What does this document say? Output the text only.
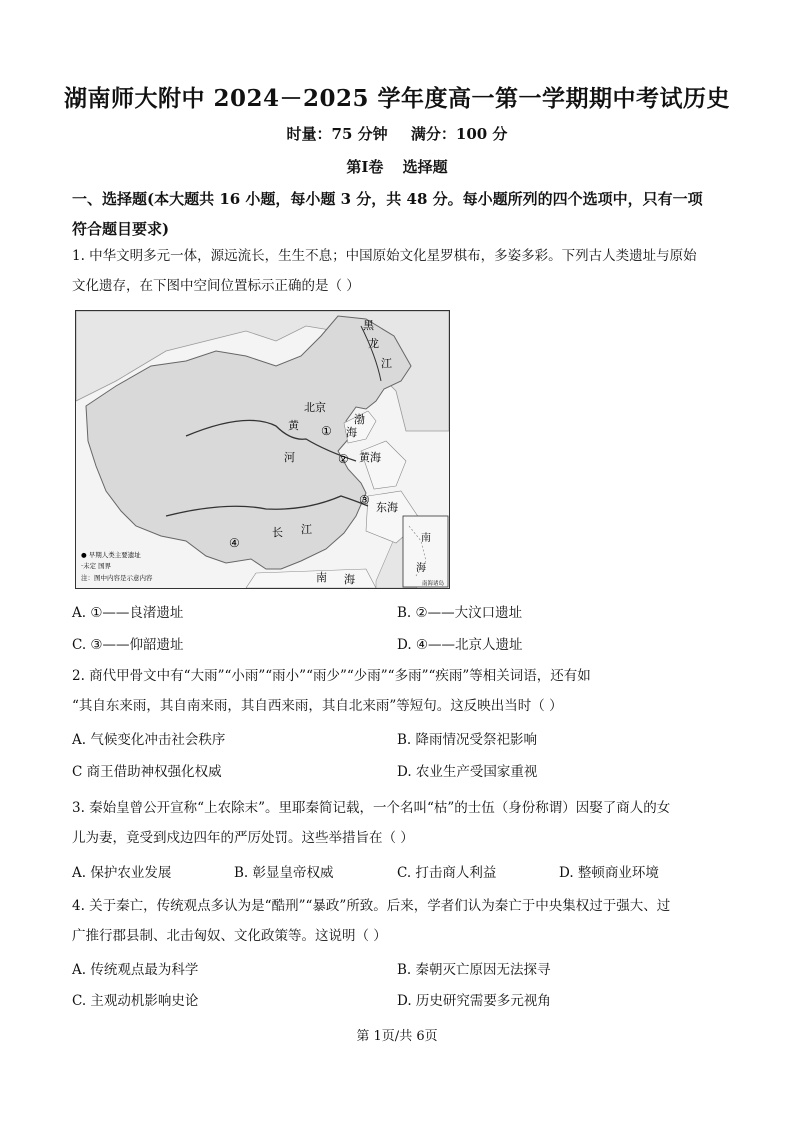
湖南师大附中 2024－2025 学年度高一第一学期期中考试历史
时量：75 分钟 满分：100 分
第Ⅰ卷 选择题
一、选择题(本大题共 16 小题，每小题 3 分，共 48 分。每小题所列的四个选项中，只有一项
符合题目要求)
1. 中华文明多元一体，源远流长，生生不息；中国原始文化星罗棋布，多姿多彩。下列古人类遗址与原始
文化遗存，在下图中空间位置标示正确的是（ ）
黑
龙
江
北京
渤
海
黄
河	黄海
长 江
东海
南
海
南 海
①
②
③
④
● 早期人类主要遗址
·未定 国界
注：图中内容是示意内容
南海诸岛
A. ①——良渚遗址	B. ②——大汶口遗址
C. ③——仰韶遗址	D. ④——北京人遗址
2. 商代甲骨文中有“大雨”“小雨”“雨小”“雨少”“少雨”“多雨”“疾雨”等相关词语，还有如
“其自东来雨，其自南来雨，其自西来雨，其自北来雨”等短句。这反映出当时（ ）
A. 气候变化冲击社会秩序	B. 降雨情况受祭祀影响
C 商王借助神权强化权威	D. 农业生产受国家重视
3. 秦始皇曾公开宣称“上农除末”。里耶秦简记载，一个名叫“枯”的士伍（身份称谓）因娶了商人的女
儿为妻，竟受到戍边四年的严厉处罚。这些举措旨在（ ）
A. 保护农业发展	B. 彰显皇帝权威	C. 打击商人利益	D. 整顿商业环境
4. 关于秦亡，传统观点多认为是“酷刑”“暴政”所致。后来，学者们认为秦亡于中央集权过于强大、过
广推行郡县制、北击匈奴、文化政策等。这说明（ ）
A. 传统观点最为科学	B. 秦朝灭亡原因无法探寻
C. 主观动机影响史论	D. 历史研究需要多元视角
第 1页/共 6页
